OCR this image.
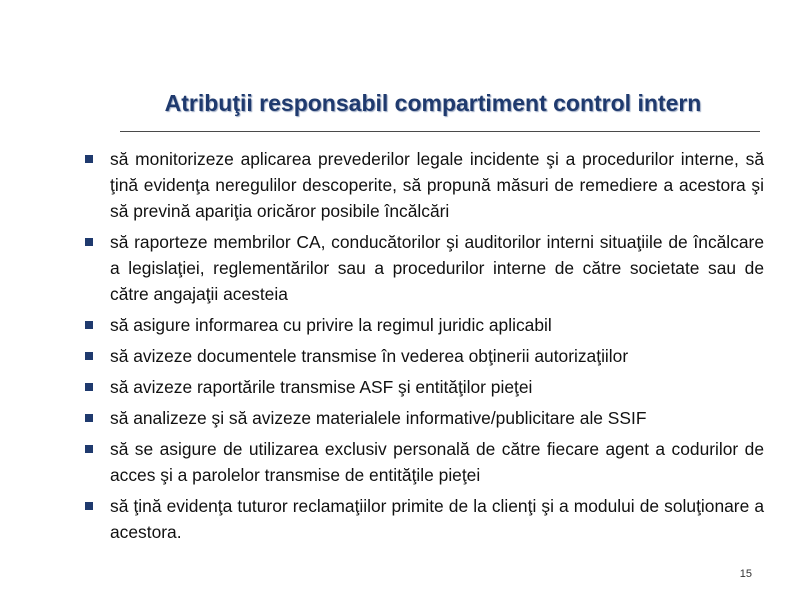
Atribuţii responsabil compartiment control intern
să monitorizeze aplicarea prevederilor legale incidente şi a procedurilor interne, să ţină evidenţa neregulilor descoperite, să propună măsuri de remediere a acestora şi să prevină apariţia oricăror posibile încălcări
să raporteze membrilor CA, conducătorilor şi auditorilor interni situaţiile de încălcare a legislaţiei, reglementărilor sau a procedurilor interne de către societate sau de către angajaţii acesteia
să asigure informarea cu privire la regimul juridic aplicabil
să avizeze documentele transmise în vederea obţinerii autorizaţiilor
să avizeze raportările transmise ASF şi entităţilor pieţei
să analizeze şi să avizeze materialele informative/publicitare ale SSIF
să se asigure de utilizarea exclusiv personală de către fiecare agent a codurilor de acces şi a parolelor transmise de entităţile pieţei
să ţină evidenţa tuturor reclamaţiilor primite de la clienţi şi a modului de soluţionare a acestora.
15
